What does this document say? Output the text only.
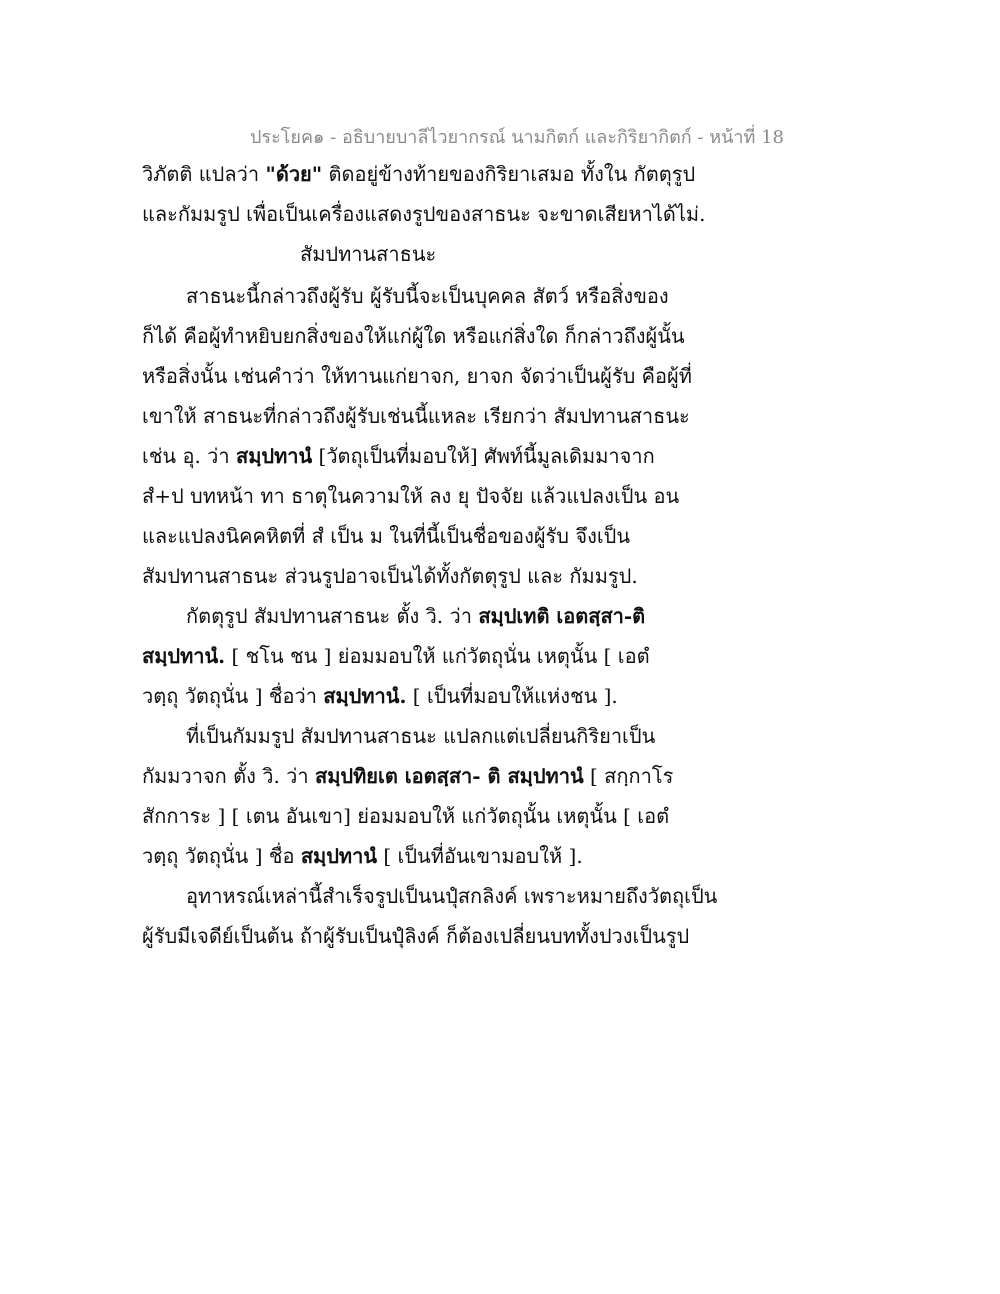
ประโยค๑ - อธิบายบาลีไวยากรณ์ นามกิตก์ และกิริยากิตก์ - หน้าที่ 18
วิภัตติ แปลว่า "ด้วย" ติดอยู่ข้างท้ายของกิริยาเสมอ ทั้งใน กัตตุรูป
และกัมมรูป เพื่อเป็นเครื่องแสดงรูปของสาธนะ จะขาดเสียหาได้ไม่.
สัมปทานสาธนะ
สาธนะนี้กล่าวถึงผู้รับ ผู้รับนี้จะเป็นบุคคล สัตว์ หรือสิ่งของ
ก็ได้ คือผู้ทำหยิบยกสิ่งของให้แก่ผู้ใด หรือแก่สิ่งใด ก็กล่าวถึงผู้นั้น
หรือสิ่งนั้น เช่นคำว่า ให้ทานแก่ยาจก, ยาจก จัดว่าเป็นผู้รับ คือผู้ที่
เขาให้ สาธนะที่กล่าวถึงผู้รับเช่นนี้แหละ เรียกว่า สัมปทานสาธนะ
เช่น อุ. ว่า สมฺปทานํ [วัตถุเป็นที่มอบให้] ศัพท์นี้มูลเดิมมาจาก
สํ+ป บทหน้า ทา ธาตุในความให้ ลง ยุ ปัจจัย แล้วแปลงเป็น อน
และแปลงนิคคหิตที่ สํ เป็น ม ในที่นี้เป็นชื่อของผู้รับ จึงเป็น
สัมปทานสาธนะ ส่วนรูปอาจเป็นได้ทั้งกัตตุรูป และ กัมมรูป.
กัตตุรูป สัมปทานสาธนะ ตั้ง วิ. ว่า สมฺปเทติ เอตสฺสา-ติ
สมฺปทานํ. [ ชโน ชน ] ย่อมมอบให้ แก่วัตถุนั่น เหตุนั้น [ เอตํ
วตฺถุ วัตถุนั่น ] ชื่อว่า สมฺปทานํ. [ เป็นที่มอบให้แห่งชน ].
ที่เป็นกัมมรูป สัมปทานสาธนะ แปลกแต่เปลี่ยนกิริยาเป็น
กัมมวาจก ตั้ง วิ. ว่า สมฺปทิยเต เอตสฺสา- ติ สมฺปทานํ [ สกฺกาโร
สักการะ ] [ เตน อันเขา] ย่อมมอบให้ แก่วัตถุนั้น เหตุนั้น [ เอตํ
วตฺถุ วัตถุนั่น ] ชื่อ สมฺปทานํ [ เป็นที่อันเขามอบให้ ].
อุทาหรณ์เหล่านี้สำเร็จรูปเป็นนปุํสกลิงค์ เพราะหมายถึงวัตถุเป็น
ผู้รับมีเจดีย์เป็นต้น ถ้าผู้รับเป็นปุํลิงค์ ก็ต้องเปลี่ยนบททั้งปวงเป็นรูป
